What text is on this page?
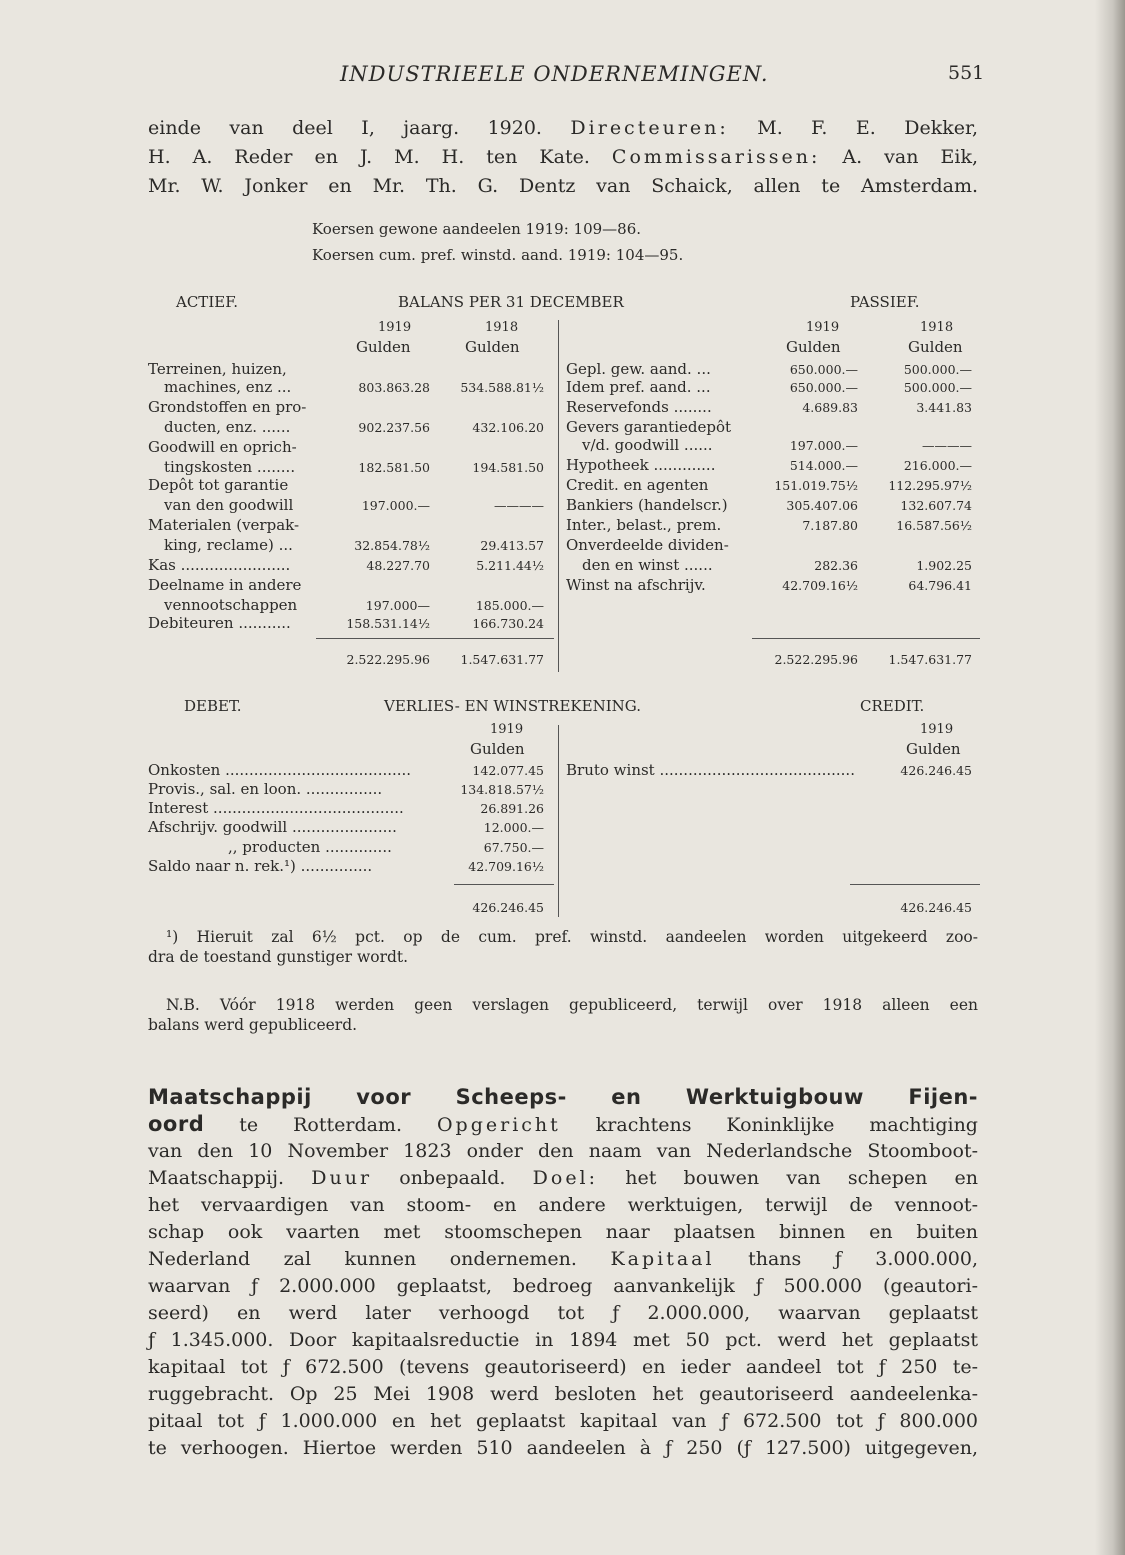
INDUSTRIEELE ONDERNEMINGEN.	551
einde van deel I, jaarg. 1920. Directeuren: M. F. E. Dekker,
H. A. Reder en J. M. H. ten Kate. Commissarissen: A. van Eik,
Mr. W. Jonker en Mr. Th. G. Dentz van Schaick, allen te Amsterdam.
Koersen gewone aandeelen 1919: 109—86.
Koersen cum. pref. winstd. aand. 1919: 104—95.
ACTIEF.	BALANS PER 31 DECEMBER	PASSIEF.
1919	1918
Gulden	Gulden
1919	1918
Gulden	Gulden
Terreinen, huizen,
machines, enz ...	803.863.28	534.588.81½
Grondstoffen en pro-
ducten, enz. ......	902.237.56	432.106.20
Goodwill en oprich-
tingskosten ........	182.581.50	194.581.50
Depôt tot garantie
van den goodwill	197.000.—	————
Materialen (verpak-
king, reclame) ...	32.854.78½	29.413.57
Kas .......................	48.227.70	5.211.44½
Deelname in andere
vennootschappen	197.000—	185.000.—
Debiteuren ...........	158.531.14½	166.730.24
2.522.295.96	1.547.631.77
Gepl. gew. aand. ...	650.000.—	500.000.—
Idem pref. aand. ...	650.000.—	500.000.—
Reservefonds ........	4.689.83	3.441.83
Gevers garantiedepôt
v/d. goodwill ......	197.000.—	————
Hypotheek .............	514.000.—	216.000.—
Credit. en agenten	151.019.75½	112.295.97½
Bankiers (handelscr.)	305.407.06	132.607.74
Inter., belast., prem.	7.187.80	16.587.56½
Onverdeelde dividen-
den en winst ......	282.36	1.902.25
Winst na afschrijv.	42.709.16½	64.796.41
2.522.295.96	1.547.631.77
DEBET.	VERLIES- EN WINSTREKENING.	CREDIT.
1919
Gulden
1919
Gulden
Onkosten .......................................	142.077.45
Provis., sal. en loon. ................	134.818.57½
Interest ........................................	26.891.26
Afschrijv. goodwill ......................	12.000.—
,, producten ..............	67.750.—
Saldo naar n. rek.¹) ...............	42.709.16½
Bruto winst .........................................	426.246.45
426.246.45	426.246.45
¹) Hieruit zal 6½ pct. op de cum. pref. winstd. aandeelen worden uitgekeerd zoo-
dra de toestand gunstiger wordt.
N.B. Vóór 1918 werden geen verslagen gepubliceerd, terwijl over 1918 alleen een
balans werd gepubliceerd.
Maatschappij voor Scheeps- en Werktuigbouw Fijen-
oord te Rotterdam. Opgericht krachtens Koninklijke machtiging
van den 10 November 1823 onder den naam van Nederlandsche Stoomboot-
Maatschappij. Duur onbepaald. Doel: het bouwen van schepen en
het vervaardigen van stoom- en andere werktuigen, terwijl de vennoot-
schap ook vaarten met stoomschepen naar plaatsen binnen en buiten
Nederland zal kunnen ondernemen. Kapitaal thans ƒ 3.000.000,
waarvan ƒ 2.000.000 geplaatst, bedroeg aanvankelijk ƒ 500.000 (geautori-
seerd) en werd later verhoogd tot ƒ 2.000.000, waarvan geplaatst
ƒ 1.345.000. Door kapitaalsreductie in 1894 met 50 pct. werd het geplaatst
kapitaal tot ƒ 672.500 (tevens geautoriseerd) en ieder aandeel tot ƒ 250 te-
ruggebracht. Op 25 Mei 1908 werd besloten het geautoriseerd aandeelenka-
pitaal tot ƒ 1.000.000 en het geplaatst kapitaal van ƒ 672.500 tot ƒ 800.000
te verhoogen. Hiertoe werden 510 aandeelen à ƒ 250 (ƒ 127.500) uitgegeven,
